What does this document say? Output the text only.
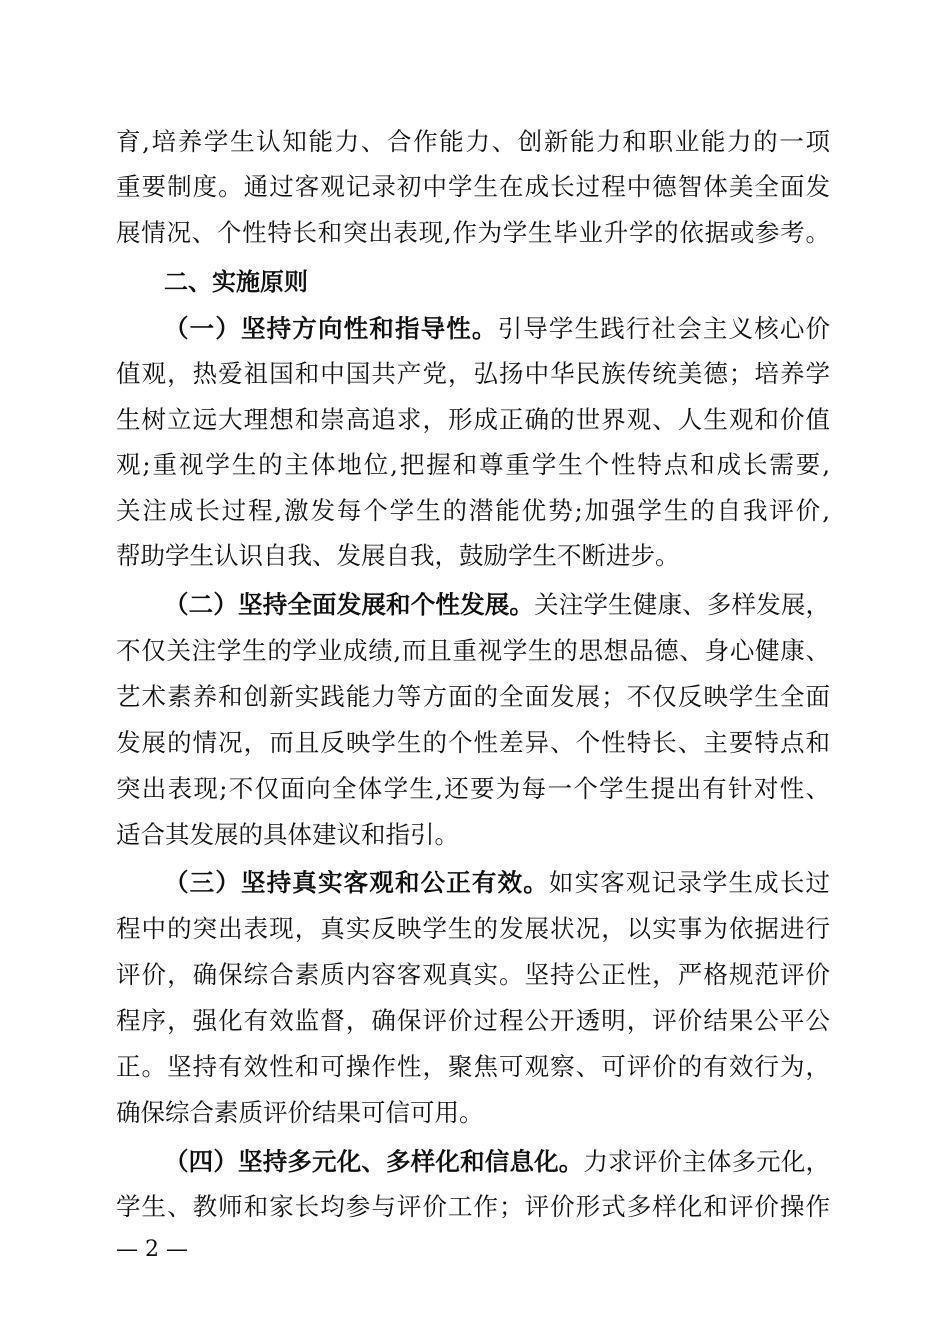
育,培养学生认知能力、合作能力、创新能力和职业能力的一项
重要制度。通过客观记录初中学生在成长过程中德智体美全面发
展情况、个性特长和突出表现,作为学生毕业升学的依据或参考。
二、实施原则
（一）坚持方向性和指导性。引导学生践行社会主义核心价
值观，热爱祖国和中国共产党，弘扬中华民族传统美德；培养学
生树立远大理想和崇高追求，形成正确的世界观、人生观和价值
观;重视学生的主体地位,把握和尊重学生个性特点和成长需要,
关注成长过程,激发每个学生的潜能优势;加强学生的自我评价,
帮助学生认识自我、发展自我，鼓励学生不断进步。
（二）坚持全面发展和个性发展。关注学生健康、多样发展，
不仅关注学生的学业成绩,而且重视学生的思想品德、身心健康、
艺术素养和创新实践能力等方面的全面发展；不仅反映学生全面
发展的情况，而且反映学生的个性差异、个性特长、主要特点和
突出表现;不仅面向全体学生,还要为每一个学生提出有针对性、
适合其发展的具体建议和指引。
（三）坚持真实客观和公正有效。如实客观记录学生成长过
程中的突出表现，真实反映学生的发展状况，以实事为依据进行
评价，确保综合素质内容客观真实。坚持公正性，严格规范评价
程序，强化有效监督，确保评价过程公开透明，评价结果公平公
正。坚持有效性和可操作性，聚焦可观察、可评价的有效行为，
确保综合素质评价结果可信可用。
（四）坚持多元化、多样化和信息化。力求评价主体多元化，
学生、教师和家长均参与评价工作；评价形式多样化和评价操作
— 2 —
